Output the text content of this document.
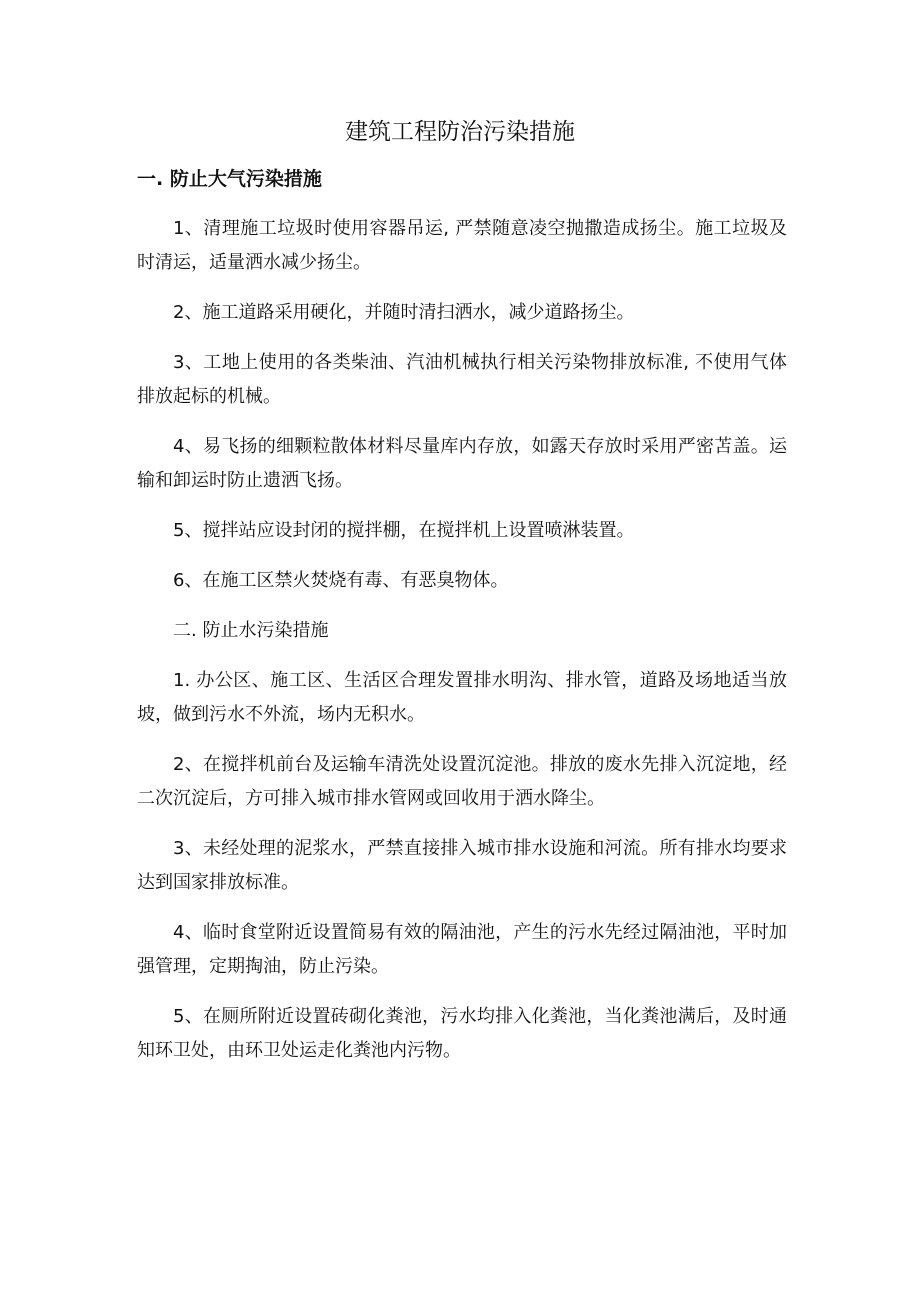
建筑工程防治污染措施
一. 防止大气污染措施

1、清理施工垃圾时使用容器吊运, 严禁随意凌空抛撒造成扬尘。施工垃圾及时清运，适量洒水减少扬尘。

2、施工道路采用硬化，并随时清扫洒水，减少道路扬尘。

3、工地上使用的各类柴油、汽油机械执行相关污染物排放标准, 不使用气体排放起标的机械。

4、易飞扬的细颗粒散体材料尽量库内存放，如露天存放时采用严密苫盖。运输和卸运时防止遗洒飞扬。

5、搅拌站应设封闭的搅拌棚，在搅拌机上设置喷淋装置。

6、在施工区禁火焚烧有毒、有恶臭物体。

二. 防止水污染措施

1. 办公区、施工区、生活区合理发置排水明沟、排水管，道路及场地适当放坡，做到污水不外流，场内无积水。

2、在搅拌机前台及运输车清洗处设置沉淀池。排放的废水先排入沉淀地，经二次沉淀后，方可排入城市排水管网或回收用于洒水降尘。

3、未经处理的泥浆水，严禁直接排入城市排水设施和河流。所有排水均要求达到国家排放标准。

4、临时食堂附近设置简易有效的隔油池，产生的污水先经过隔油池，平时加强管理，定期掏油，防止污染。

5、在厕所附近设置砖砌化粪池，污水均排入化粪池，当化粪池满后，及时通知环卫处，由环卫处运走化粪池内污物。
